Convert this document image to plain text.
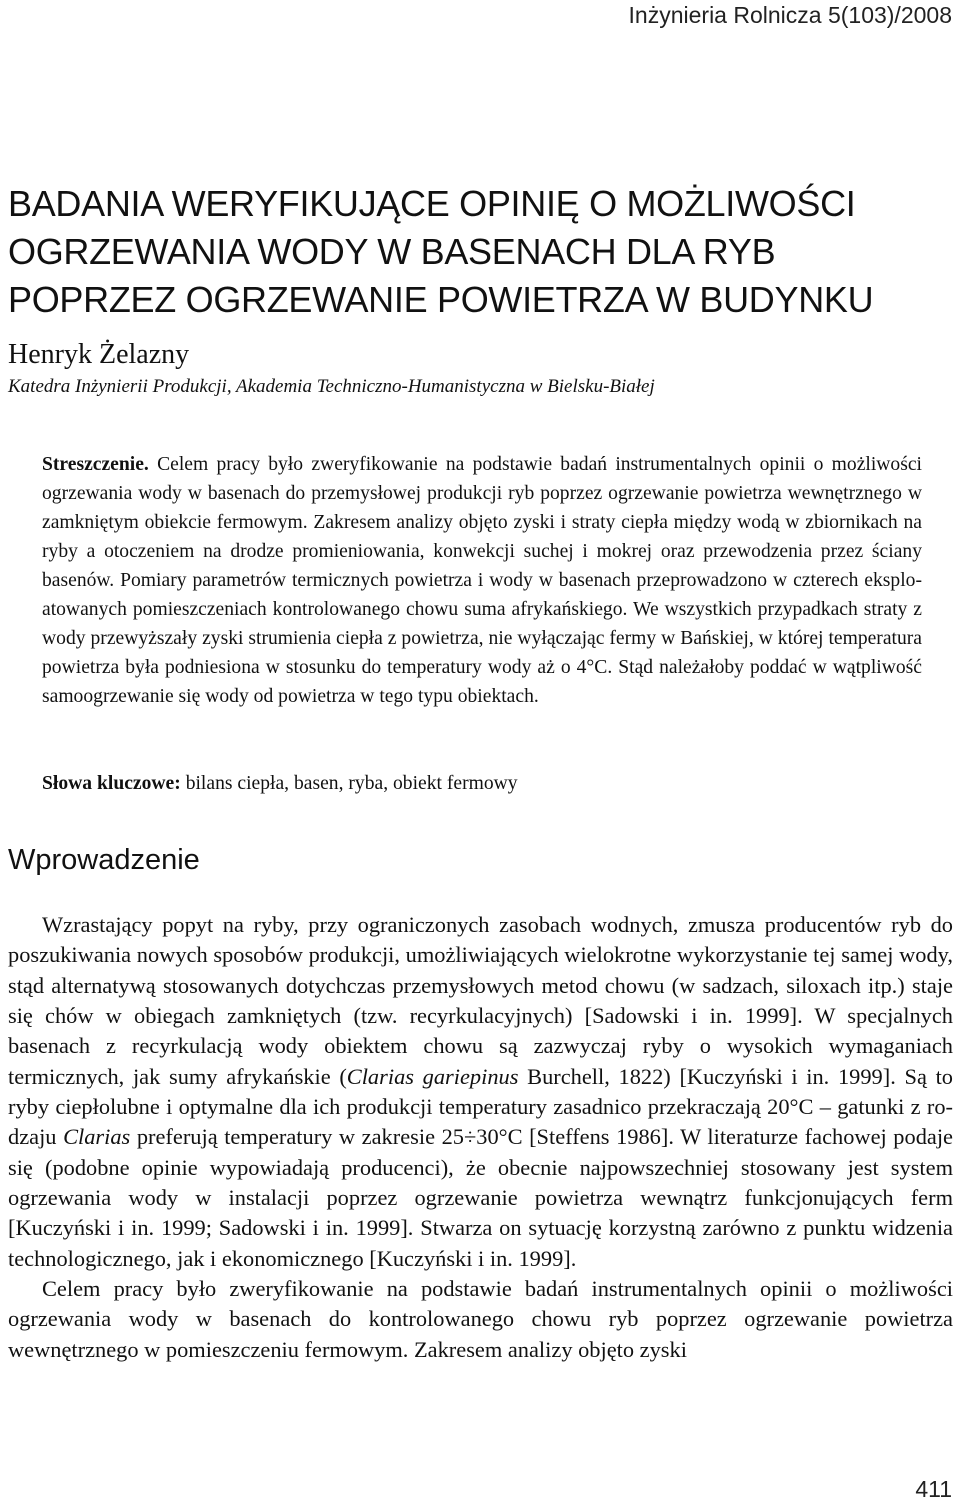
Inżynieria Rolnicza 5(103)/2008
BADANIA WERYFIKUJĄCE OPINIĘ O MOŻLIWOŚCI
OGRZEWANIA WODY W BASENACH DLA RYB
POPRZEZ OGRZEWANIE POWIETRZA W BUDYNKU
Henryk Żelazny
Katedra Inżynierii Produkcji, Akademia Techniczno-Humanistyczna w Bielsku-Białej

Streszczenie. Celem pracy było zweryfikowanie na podstawie badań instrumentalnych opinii o możliwości ogrzewania wody w basenach do przemysłowej produkcji ryb poprzez ogrzewanie powietrza wewnętrznego w zamkniętym obiekcie fermowym. Zakresem analizy objęto zyski i straty ciepła między wodą w zbiornikach na ryby a otoczeniem na drodze promieniowania, konwekcji suchej i mokrej oraz przewodzenia przez ściany basenów. Pomiary parametrów termicznych powietrza i wody w basenach przeprowadzono w czterech eksploatowanych pomieszczeniach kontrolowanego chowu suma afrykańskiego. We wszystkich przypadkach straty z wody przewyższały zyski strumienia ciepła z powietrza, nie wyłączając fermy w Bańskiej, w której temperatura powietrza była podniesiona w stosunku do temperatury wody aż o 4°C. Stąd należałoby poddać w wątpliwość samoogrzewanie się wody od powietrza w tego typu obiektach.

Słowa kluczowe: bilans ciepła, basen, ryba, obiekt fermowy
Wprowadzenie

Wzrastający popyt na ryby, przy ograniczonych zasobach wodnych, zmusza producentów ryb do poszukiwania nowych sposobów produkcji, umożliwiających wielokrotne wykorzystanie tej samej wody, stąd alternatywą stosowanych dotychczas przemysłowych metod chowu (w sadzach, siloxach itp.) staje się chów w obiegach zamkniętych (tzw. recyrkulacyjnych) [Sadowski i in. 1999]. W specjalnych basenach z recyrkulacją wody obiektem chowu są zazwyczaj ryby o wysokich wymaganiach termicznych, jak sumy afrykańskie (Clarias gariepinus Burchell, 1822) [Kuczyński i in. 1999]. Są to ryby ciepłolubne i optymalne dla ich produkcji temperatury zasadnico przekraczają 20°C – gatunki z rodzaju Clarias preferują temperatury w zakresie 25÷30°C [Steffens 1986]. W literaturze fachowej podaje się (podobne opinie wypowiadają producenci), że obecnie najpowszechniej stosowany jest system ogrzewania wody w instalacji poprzez ogrzewanie powietrza wewnątrz funkcjonujących ferm [Kuczyński i in. 1999; Sadowski i in. 1999]. Stwarza on sytuację korzystną zarówno z punktu widzenia technologicznego, jak i ekonomicznego [Kuczyński i in. 1999].

Celem pracy było zweryfikowanie na podstawie badań instrumentalnych opinii o możliwości ogrzewania wody w basenach do kontrolowanego chowu ryb poprzez ogrzewanie powietrza wewnętrznego w pomieszczeniu fermowym. Zakresem analizy objęto zyski

411
